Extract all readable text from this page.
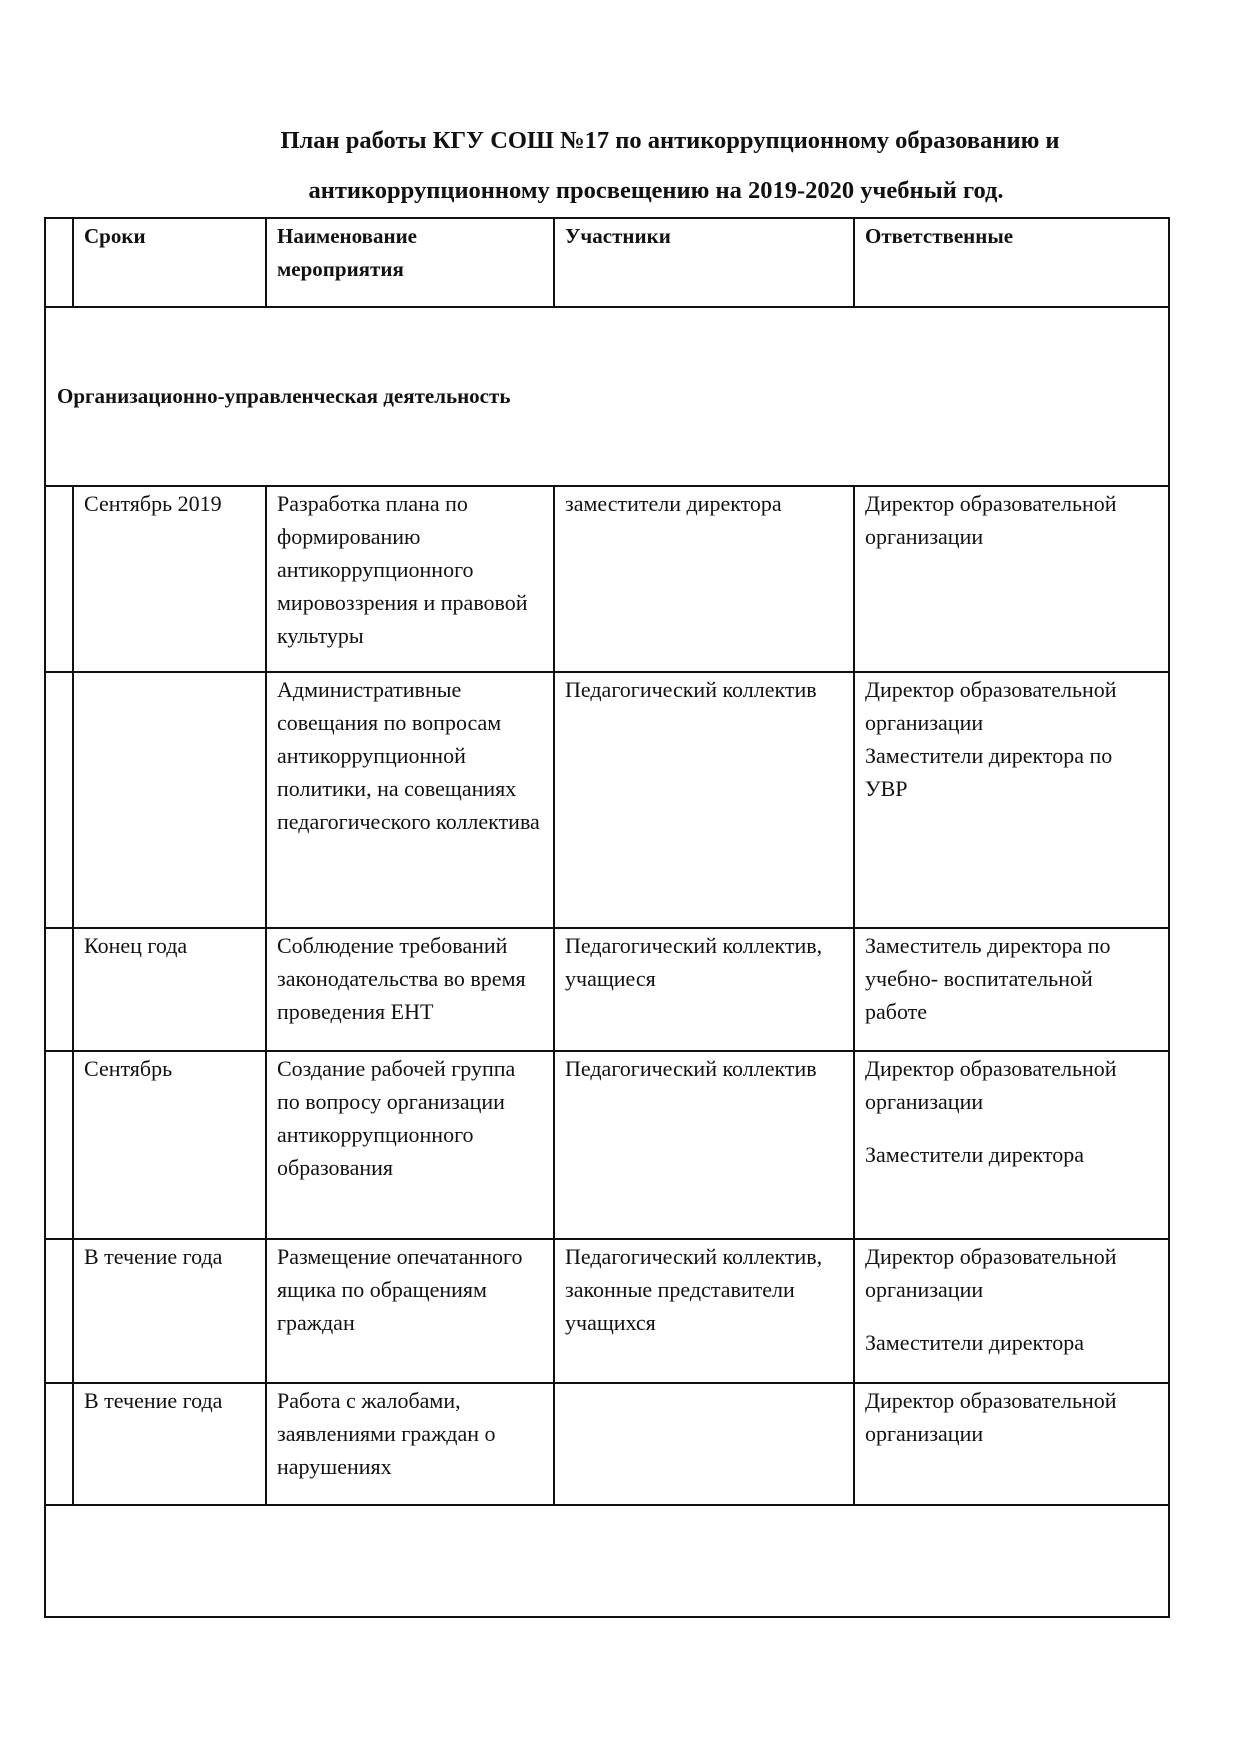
План работы КГУ СОШ №17 по антикоррупционному образованию и
антикоррупционному просвещению на 2019-2020 учебный год.
	Сроки	Наименование мероприятия	Участники	Ответственные
Организационно-управленческая деятельность				
	Сентябрь 2019	Разработка плана по формированию антикоррупционного мировоззрения и правовой культуры	заместители директора	Директор образовательной организации

		Административные совещания по вопросам антикоррупционной политики, на совещаниях педагогического коллектива	Педагогический коллектив	Директор образовательной организации
Заместители директора по УВР

	Конец года	Соблюдение требований законодательства во время проведения ЕНТ	Педагогический коллектив, учащиеся	Заместитель директора по учебно- воспитательной работе

	Сентябрь	Создание рабочей группа по вопросу организации антикоррупционного образования	Педагогический коллектив	Директор образовательной организации
Заместители директора

	В течение года	Размещение опечатанного ящика по обращениям граждан	Педагогический коллектив, законные представители учащихся	Директор образовательной организации
Заместители директора

	В течение года	Работа с жалобами, заявлениями граждан о нарушениях		Директор образовательной организации
